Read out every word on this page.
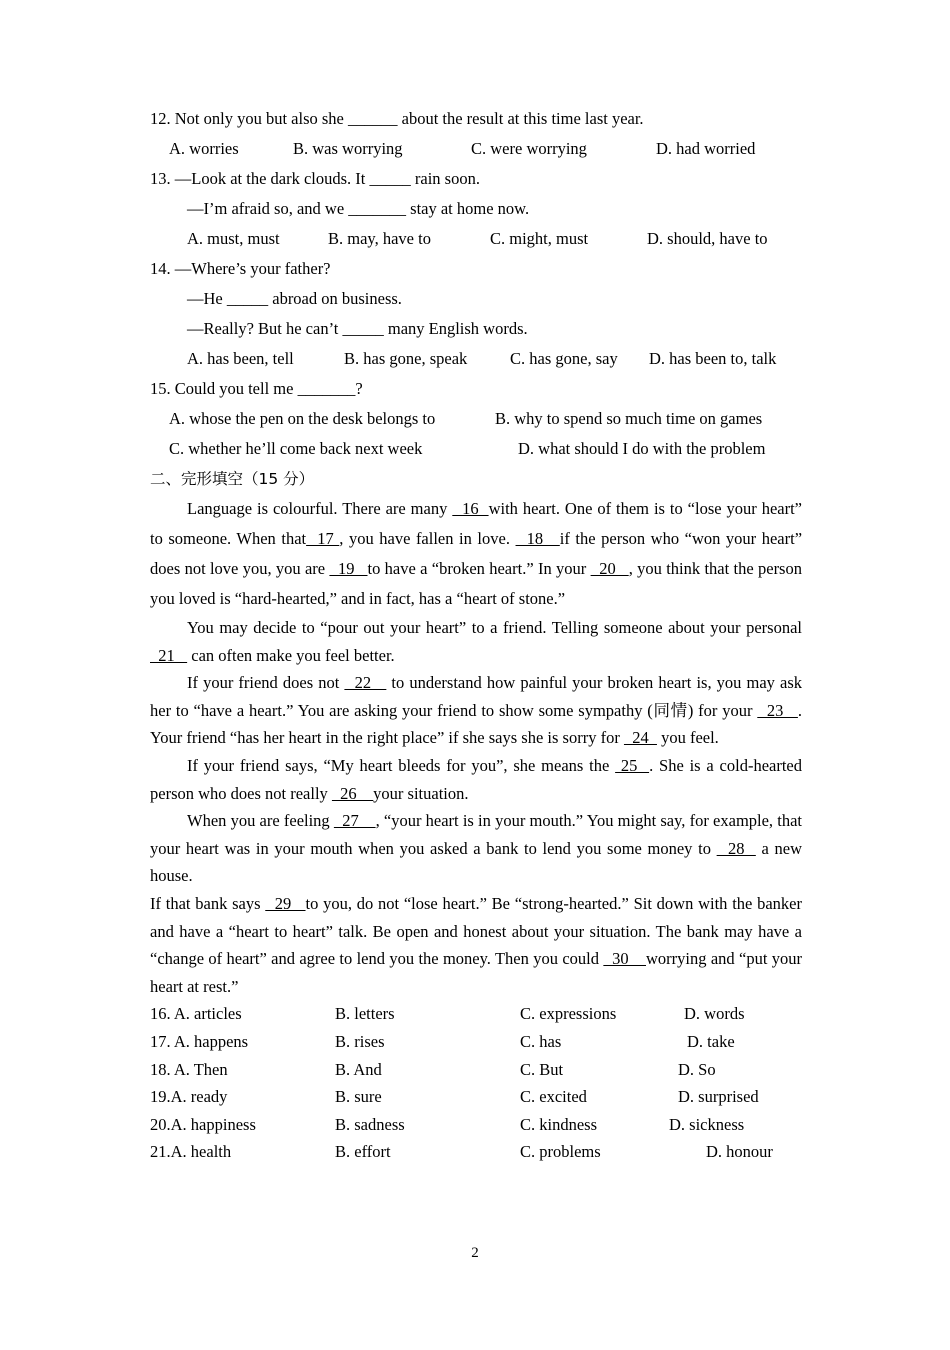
12. Not only you but also she ______ about the result at this time last year.
A. worries	B. was worrying	C. were worrying	D. had worried
13. —Look at the dark clouds. It _____ rain soon.
—I’m afraid so, and we _______ stay at home now.
A. must, must	B. may, have to	C. might, must	D. should, have to
14. —Where’s your father?
—He _____ abroad on business.
—Really? But he can’t _____ many English words.
A. has been, tell	B. has gone, speak	C. has gone, say D. has been to, talk
15. Could you tell me _______?
A. whose the pen on the desk belongs to	B. why to spend so much time on games
C. whether he’ll come back next week	D. what should I do with the problem
二、完形填空（15 分）

Language is colourful. There are many   16  with heart. One of them is to “lose your heart” to someone. When that  17 , you have fallen in love.   18   if the person who “won your heart” does not love you, you are   19   to have a “broken heart.” In your   20   , you think that the person you loved is “hard-hearted,” and in fact, has a “heart of stone.”

You may decide to “pour out your heart” to a friend. Telling someone about your personal   21    can often make you feel better.

If your friend does not   22    to understand how painful your broken heart is, you may ask her to “have a heart.” You are asking your friend to show some sympathy (同情) for your   23   . Your friend “has her heart in the right place” if she says she is sorry for   24   you feel.

If your friend says, “My heart bleeds for you”, she means the  25  . She is a cold-hearted person who does not really   26    your situation.

When you are feeling   27    , “your heart is in your mouth.” You might say, for example, that your heart was in your mouth when you asked a bank to lend you some money to   28   a new house.

If that bank says   29   to you, do not “lose heart.” Be “strong-hearted.” Sit down with the banker and have a “heart to heart” talk. Be open and honest about your situation. The bank may have a “change of heart” and agree to lend you the money. Then you could   30    worrying and “put your heart at rest.”

16. A. articles	B. letters	C. expressions	D. words
17. A. happens	B. rises	C. has	D. take
18. A. Then	B. And	C. But	D. So
19.A. ready	B. sure	C. excited	D. surprised
20.A. happiness	B. sadness	C. kindness	D. sickness
21.A. health	B. effort	C. problems	D. honour
2
